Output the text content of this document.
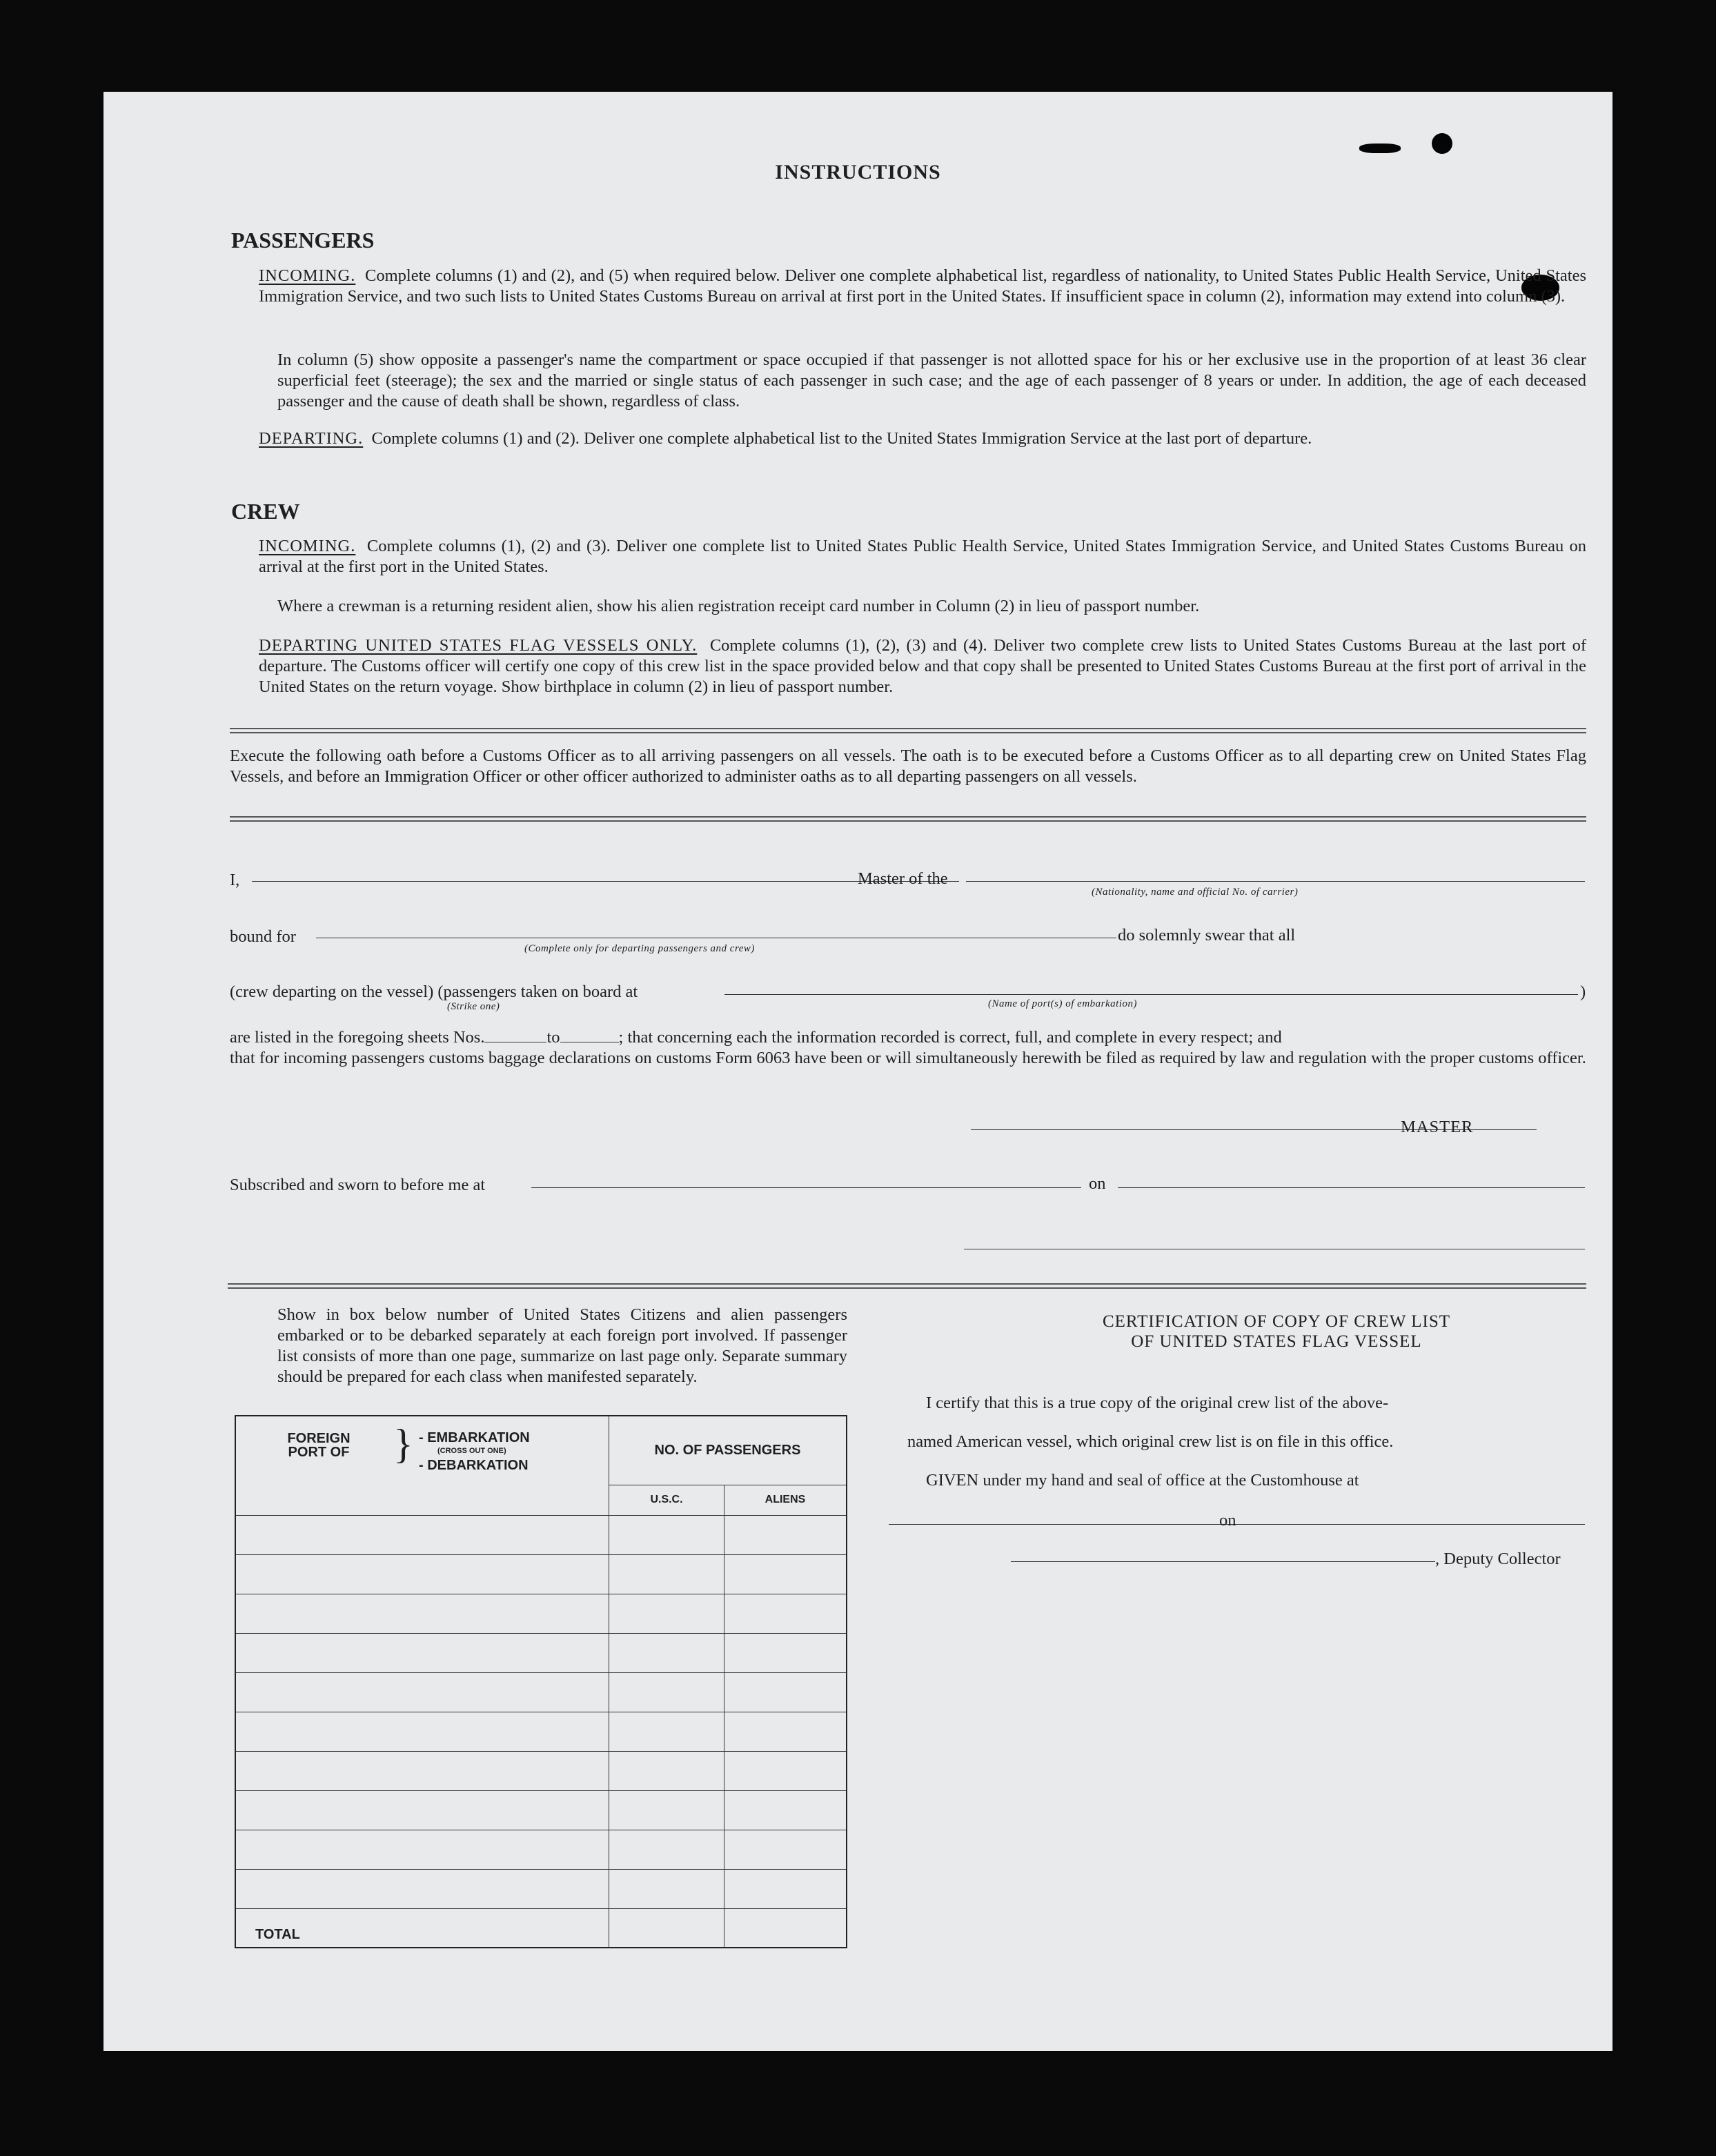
INSTRUCTIONS
PASSENGERS
INCOMING. Complete columns (1) and (2), and (5) when required below. Deliver one complete alphabetical list, regardless of nationality, to United States Public Health Service, United States Immigration Service, and two such lists to United States Customs Bureau on arrival at first port in the United States. If insufficient space in column (2), information may extend into column (3).
In column (5) show opposite a passenger's name the compartment or space occupied if that passenger is not allotted space for his or her exclusive use in the proportion of at least 36 clear superficial feet (steerage); the sex and the married or single status of each passenger in such case; and the age of each passenger of 8 years or under. In addition, the age of each deceased passenger and the cause of death shall be shown, regardless of class.
DEPARTING. Complete columns (1) and (2). Deliver one complete alphabetical list to the United States Immigration Service at the last port of departure.
CREW
INCOMING. Complete columns (1), (2) and (3). Deliver one complete list to United States Public Health Service, United States Immigration Service, and United States Customs Bureau on arrival at the first port in the United States.
Where a crewman is a returning resident alien, show his alien registration receipt card number in Column (2) in lieu of passport number.
DEPARTING UNITED STATES FLAG VESSELS ONLY. Complete columns (1), (2), (3) and (4). Deliver two complete crew lists to United States Customs Bureau at the last port of departure. The Customs officer will certify one copy of this crew list in the space provided below and that copy shall be presented to United States Customs Bureau at the first port of arrival in the United States on the return voyage. Show birthplace in column (2) in lieu of passport number.
Execute the following oath before a Customs Officer as to all arriving passengers on all vessels. The oath is to be executed before a Customs Officer as to all departing crew on United States Flag Vessels, and before an Immigration Officer or other officer authorized to administer oaths as to all departing passengers on all vessels.
I,	Master of the
(Nationality, name and official No. of carrier)
bound for
(Complete only for departing passengers and crew)
do solemnly swear that all
(crew departing on the vessel) (passengers taken on board at
(Strike one)	(Name of port(s) of embarkation)
)
are listed in the foregoing sheets Nos.	to	; that concerning each the information recorded is correct, full, and complete in every respect; and
that for incoming passengers customs baggage declarations on customs Form 6063 have been or will simultaneously herewith be filed as required by law and regulation with the proper customs officer.
MASTER
Subscribed and sworn to before me at	on
Show in box below number of United States Citizens and alien passengers embarked or to be debarked separately at each foreign port involved. If passenger list consists of more than one page, summarize on last page only. Separate summary should be prepared for each class when manifested separately.
FOREIGN PORT OF } - EMBARKATION
(CROSS OUT ONE)
- DEBARKATION	NO. OF PASSENGERS	
	U.S.C.	ALIENS

TOTAL		

CERTIFICATION OF COPY OF CREW LIST
OF UNITED STATES FLAG VESSEL
I certify that this is a true copy of the original crew list of the above-
named American vessel, which original crew list is on file in this office.
GIVEN under my hand and seal of office at the Customhouse at
on
, Deputy Collector
